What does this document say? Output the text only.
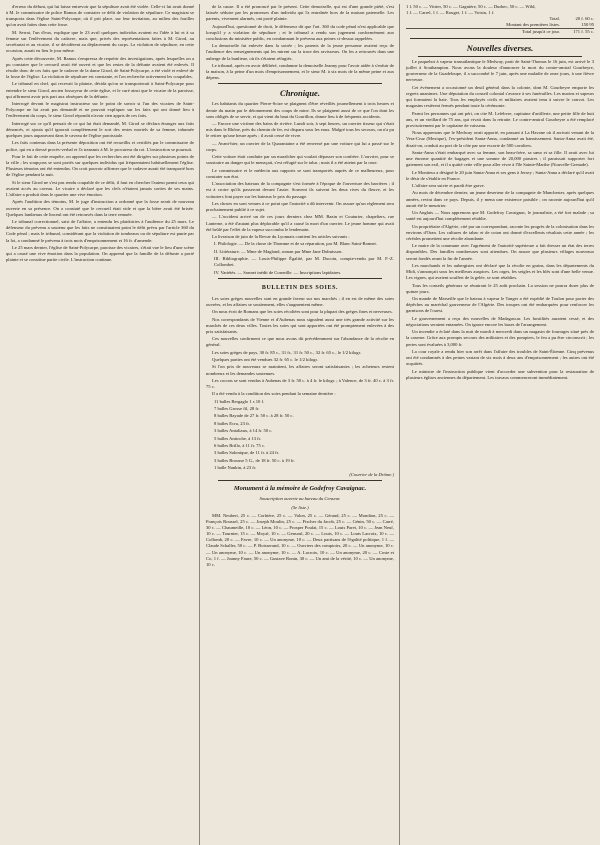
d'erreur du défunt, qui lui laisse entrevoir que la sépulture avait été violée. Celle-ci lui avait donné à M. le commissaire de police Ramus de constater ce délit de violation de sépulture. Ce magistrat se transporta dans l'église Saint-Polycarpe, où il prit place, sur leur invitation, au milieu des fouilles qu'on avait faites dans cette fosse.

M. Serrat, l'un d'eux, explique que le 23 avril quelques individus avaient eu l'idée à lui et à sa femme sur l'enlèvement du cadavre, mais que, privés des représentations faites à M. Girod, au secrétariat et au vicaire, il se décidèrent au déplacement du corps. La violation de sépulture, en cette occasion, aurait eu lieu le jour même.

Après cette découverte, M. Ramus s'empressa de requérir des investigations, après lesquelles on a pu constater que le cercueil avait été ouvert et que les restes de la défunte avaient été enlevés. Il résulte donc de ces faits que le cadavre de la dame Girod, de Saint-Polycarpe, a été violé et enlevé de la fosse de l'église. La violation de sépulture est constante, et l'on recherche activement les coupables.

Le tribunal en chef, qui recevait la plainte, décida qu'on se transporterait à Saint-Polycarpe pour entendre le sieur Girod, ancien fossoyeur de cette église, et le curé ainsi que le vicaire de la paroisse, qui affirment avoir pris part aux obsèques de la défunte.

Interrogé devant le magistrat instructeur sur le point de savoir si l'un des vicaires de Saint-Polycarpe ne lui avait pas demandé et ne pouvait expliquer sur les faits qui ont donné lieu à l'enlèvement du corps, le sieur Girod répondit n'avoir rien appris de ces faits.

Interrogé sur ce qu'il pensait de ce qui lui était demandé, M. Girod se déclara étranger aux faits dénoncés, et ajouta qu'il ignorait complètement le sort des restes mortels de sa femme, inhumée quelques jours auparavant dans le caveau de l'église paroissiale.

Les faits contenus dans la présente déposition ont été recueillis et certifiés par le commissaire de police, qui en a dressé procès-verbal et l'a transmis à M. le procureur du roi. L'instruction se poursuit.

Pour le fait de cette enquête, on apprend que les recherches ont été dirigées sur plusieurs points de la ville ; les soupçons se sont portés sur quelques individus qui fréquentaient habituellement l'église. Plusieurs témoins ont été entendus. On croit pouvoir affirmer que le cadavre aurait été transporté hors de l'église pendant la nuit.

Si le sieur Girod ne s'est pas rendu coupable de ce délit, il faut en chercher l'auteur parmi ceux qui avaient accès au caveau. Le vicaire a déclaré que les clefs n'étaient jamais sorties de ses mains. L'affaire a produit dans le quartier une vive émotion.

Après l'audition des témoins, M. le juge d'instruction a ordonné que la fosse serait de nouveau ouverte en sa présence. On a constaté que le cercueil était vide et que la bière avait été brisée. Quelques lambeaux de linceul ont été retrouvés dans la terre remuée.

Le tribunal correctionnel, saisi de l'affaire, a entendu les plaidoiries à l'audience du 25 mars. Le défenseur du prévenu a soutenu que les faits ne constituaient point le délit prévu par l'article 360 du Code pénal ; mais le tribunal, considérant que la violation de tombeaux ou de sépulture est punie par la loi, a condamné le prévenu à trois mois d'emprisonnement et 16 fr. d'amende.

Le 25 mars dernier, l'église de Saint-Polycarpe, paroisse des vicaires, s'était vue le lieu d'une scène qui a causé une vive émotion dans la population. On apprend que la famille de la défunte a porté plainte et se constitue partie civile. L'instruction continue.

de la cause. Il a été prononcé par le présent. Cette demoiselle, qui est d'une grande piété, s'est laissée séduire par les promesses d'un individu qui l'a entraînée hors de la maison paternelle. Les parents, vivement alarmés, ont porté plainte.

Aujourd'hui, questionné de droit, le défenseur dit que l'art. 360 du code pénal n'est applicable que lorsqu'il y a violation de sépulture ; et le tribunal a rendu son jugement conformément aux conclusions du ministère public, en condamnant le prévenu aux peines ci-dessus rappelées.

La demoiselle fut enlevée dans la soirée ; les parents de la jeune personne avaient reçu de l'audience des renseignements qui les mirent sur la trace des ravisseurs. On les a retrouvés dans une auberge de la banlieue, où ils s'étaient réfugiés.

Le tribunal, après en avoir délibéré, condamne la demoiselle Jeanny pour l'avoir aidée à s'enfuir de la maison, à la peine d'un mois d'emprisonnement, et le sieur M. à six mois de la même peine et aux dépens.

Chronique.

Les habitants du quartier Pierre-Scize se plaignent d'être réveillés journellement à trois heures et demie du matin par le détonnement des coups de mine. Ils se plaignent aussi de ce que l'on dont les sons obligés de se servir, et qui vient du haut du Gourillon, donne lieu à de fréquents accidents.

— Encore une victime des bains de rivière. Lundi soir, à sept heures, un ouvrier tisseur qui s'était mis dans le Rhône, près du chemin de fer, est disparu sous les eaux. Malgré tous les secours, on n'a pu le retirer qu'une heure après ; il avait cessé de vivre.

— Avant-hier, un ouvrier de la Quarantaine a été renversé par une voiture qui lui a passé sur le corps.

Cette voiture était conduite par un maraîcher qui voulait dépasser son confrère. L'ouvrier, pour se soustraire au danger qui le menaçait, s'est réfugié sur le talus ; mais il a été atteint par la roue.

Le commissaire et le médecin aux rapports se sont transportés auprès de ce malheureux, pour constater son état.

L'association des bateaux de la compagnie s'est formée à l'époque de l'ouverture des barrières ; il est à croire qu'ils passeront devant l'autre. Souvent ils suivent les deux rives du fleuve, et les voituriers font payer sur les bateaux le prix du passage.

Les choses en sont venues à ce point que l'autorité a dû intervenir. On assure qu'un règlement sera prochainement publié à ce sujet.

— L'accident arrivé un de ces jours derniers chez MM. Bazin et Couturier, chapeliers, rue Lanterne, a été d'autant plus déplorable qu'il a causé la mort d'un ouvrier. Le jeune homme qui avait été brûlé par l'effet de la vapeur succomba le lendemain.

La livraison de juin de la Revue du Lyonnais contient les articles suivants :

I. Philologie. — De la chose de Thomme et de sa réparation, par M. Blanc Saint-Bonnet.

II. Littérature. — Mme de Magland, roman par Mme Jane Dubuisson.

III. Bibliographie. — Louis-Philippe Égalité, par M. Ducoin, compte-rendu par M. F.-Z. Collombet.

IV. Variétés. — Sonnet inédit de Corneille. — Inscriptions lapidaires.

BULLETIN DES SOIES.

Les soies grèges nouvelles sont en grande faveur sur nos marchés ; il en est de même des soies ouvrées, et les affaires se soutiennent, elles s'augmentent même.

On nous écrit de Romans que les soies récoltées sont pour la plupart des grèges fines et nerveuses.

Nos correspondants de Vienne et d'Aubenas nous signalent aussi une très grande activité sur les marchés de ces deux villes. Toutes les soies qui sont apportées ont été promptement enlevées à des prix satisfaisants.

Ces nouvelles confirment ce que nous avons dit précédemment sur l'abondance de la récolte en général.

Les soies grèges de pays, 30 fr. 85 c., 31 fr., 31 fr. 50 c., 32 fr. 65 c., le 1/2 kilogr.

Quelques parties ont été vendues 32 fr. 65 c. le 1/2 kilogr.

Si l'on prix de nouveaux se maintient, les affaires seront satisfaisantes ; les acheteurs restent nombreux et les demandes soutenues.

Les cocons se sont vendus à Aubenas de 3 fr. 50 c. à 4 fr. le kilogr. ; à Valence, de 3 fr. 40 c. à 3 fr. 75 c.

Il a été vendu à la condition des soies pendant la semaine dernière :

11 balles Bergaglo 1 s 10 f.

7 balles Grosse fil, 28 fr.

8 balles Bayade de 27 fr. 50 c. à 28 fr. 50 c.

8 balles Ecru, 23 fr.

3 balles Antaliaux, à 14 fr. 50 c.

5 balles Antioche, à 13 fr.

6 balles Brillo, à 11 fr. 75 c.

3 balles Salonique, de 11 fr. à 24 fr.

3 balles Brousse 5 G., de 18 fr. 50 c. à 19 fr.

1 balle Nankin, à 23 fr.

(Courrier de la Drôme.)

Monument à la mémoire de Godefroy Cavaignac.
Souscription ouverte au bureau du Censeur.
(5e liste.)

MM. Neubert, 25 c. — Corbière, 25 c. — Valon, 25 c. — Géraud, 25 c. — Mondion, 25 c. — François Roussel, 25 c. — Joseph Moulin, 25 c. — Fischer du Jacob, 25 c. — Génin, 50 c. — Carré, 30 c. — Chaumeille, 10 c. — Léon, 10 c. — Prosper Poulat, 15 c. — Louis Paret, 10 c. — Jean Neuf, 10 c. — Tournier, 15 c. — Moyal, 10 c. — Gensoul, 20 c. — Louis, 10 c. — Louis Lacroix, 10 c. — Collomb, 20 c. — Favre, 10 c. — Un anonyme, 10 c. — Deux partisans de l'égalité politique, 1 f. — Claude Schaller, 50 c. — P. Boisserand, 10 c. — Ouvriers des comptoirs, 20 c. — Un anonyme, 10 c. — Un anonyme, 10 c. — Un anonyme, 10 c. — A. Lacroix, 10 c. — Un anonyme, 20 c. — Coste et Co, 1 f. — Joanny Faure, 50 c. — Gustave Ronin, 30 c. — Un ami de la vérité, 10 c. — Un anonyme, 10 c.

1 f. 50 c. — Vitrier, 50 c. — Gagnière, 50 c. — Durbec, 50 c. — Wild,	
1 f. — Carrel, 1 f. — Rouget, 1 f. — Voisin, 1 f.	
Total.	20 f. 60 c.
Montant des premières listes.	150 95
Total jusqu'à ce jour.	171 f. 55 c.
Nouvelles diverses.

Le paquebot à vapeur transatlantique le Medway, parti de Saint-Thomas le 16 juin, est arrivé le 3 juillet à Southampton. Nous avons la douleur d'annoncer la mort du contre-amiral Gourbeyre, gouverneur de la Guadeloupe, il a succombé le 7 juin, après une maladie de onze jours, à une fièvre nerveuse.

Cet événement a occasionné un deuil général dans la colonie, dont M. Gourbeyre emporte les regrets unanimes. Une députation du conseil colonial s'avance à ses funérailles. Les marins et sapeurs qui formaient la haie. Tous les employés civils et militaires avaient tenu à suivre le convoi. Les magasins restèrent fermés pendant toute la cérémonie.

Parmi les personnes qui ont péri, on cite M. Lefebvre, capitaine d'artillerie, une petite fille de huit ans, et un vieillard de 75 ans, qui vivait dans la retraite. Le contre-amiral Gourbeyre a été remplacé provisoirement par le capitaine de vaisseau.

Nous apprenons que le Medway avait apporté, en passant à La Havane où il arrivait venant de la Vera-Cruz (Mexique), l'ex-président Santa-Anna, condamné au bannissement. Santa-Anna avait été, disait-on, conduit au port de la côte par une escorte de 500 cavaliers.

Santa-Anna s'était embarqué avec sa femme, son beau-frère, sa sœur et sa fille. Il avait avec lui une énorme quantité de bagages et une somme de 20,000 piastres ; il paraissait supporter fort gaiement son exil, et il a quitté cette ville pour aller vivre à l'île Sainte-Marthe (Nouvelle-Grenade).

Le Moniteur a désigné le 20 juin Santa-Anna et ses gens à Jersey ; Santa-Anna a déclaré qu'il avait le désir de s'établir en France.

L'affaire sera suivie et paraît être grave.

Au mois de décembre dernier, un jeune deserteur de la compagnie de Manchester, après quelques années, revint dans ce pays. Depuis, il y mena une existence paisible ; on raconte aujourd'hui qu'il aurait été le meurtrier.

Un Anglais — Nous apprenons que M. Godefroy Cavaignac, le journaliste, a été fort malade ; sa santé est aujourd'hui complètement rétablie.

Un propriétaire d'Algérie, cité par un correspondant, raconte les progrès de la colonisation dans les environs d'Oran. Les cultures de tabac et de coton ont donné d'excellents résultats cette année ; les céréales promettent une récolte abondante.

Le maire de la commune avec l'agrément de l'autorité supérieure a fait dresser un état des terres disponibles. Des familles nombreuses sont attendues. On assure que plusieurs villages nouveaux seront fondés avant la fin de l'année.

Les marchands et les aubergistes ont déclaré que la récolte en grains, dans les départements du Midi, s'annonçait sous les meilleurs auspices. Les orges, les seigles et les blés sont d'une belle venue. Les vignes, qui avaient souffert de la gelée, se sont rétablies.

Tous les conseils généraux se réuniront le 25 août prochain. La session ne pourra durer plus de quinze jours.

On mande de Marseille que le bateau à vapeur le Tanger a été expédié de Toulon pour porter des dépêches au maréchal gouverneur de l'Algérie. Des troupes ont été embarquées pour renforcer les garnisons de l'ouest.

Le gouvernement a reçu des nouvelles de Madagascar. Les hostilités auraient cessé, et des négociations seraient entamées. On ignore encore les bases de l'arrangement.

Un incendie a éclaté dans la nuit de mardi à mercredi dans un magasin de fourrages situé près de la caserne. Grâce aux prompts secours des militaires et des pompiers, le feu a pu être circonscrit ; les pertes sont évaluées à 3,000 fr.

La cour royale a rendu hier son arrêt dans l'affaire des troubles de Saint-Étienne. Cinq prévenus ont été condamnés à des peines variant de six mois à deux ans d'emprisonnement ; les autres ont été acquittés.

Le ministre de l'instruction publique vient d'accorder une subvention pour la restauration de plusieurs églises anciennes du département. Les travaux commenceront immédiatement.
